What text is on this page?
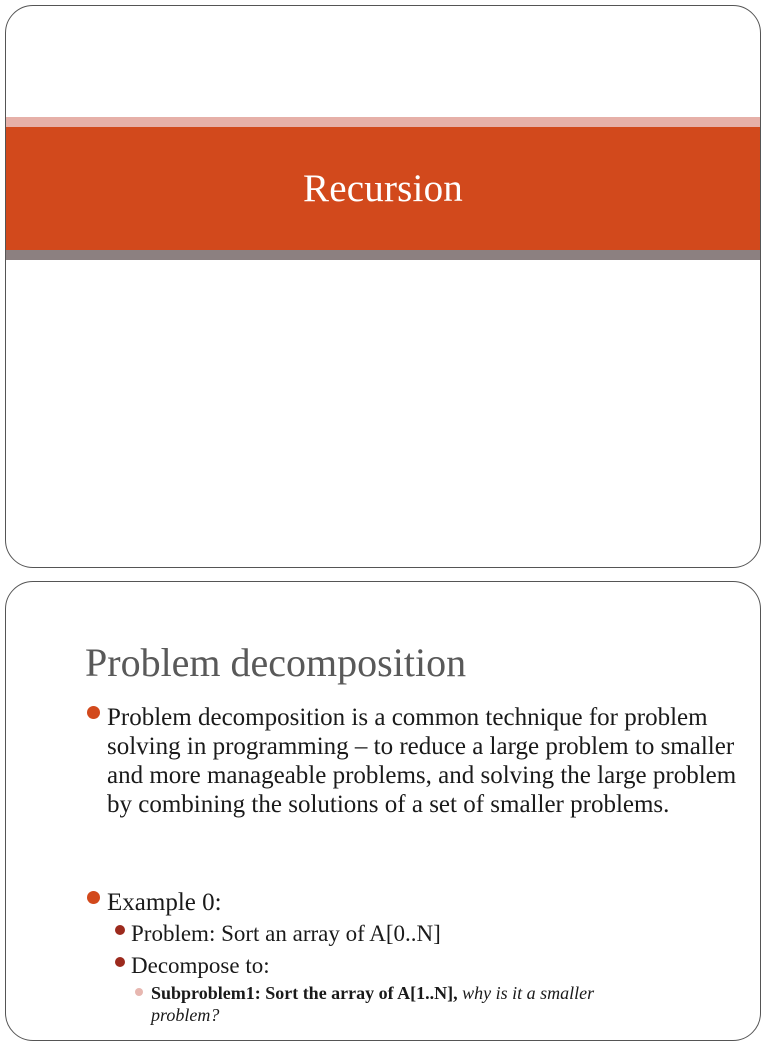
Recursion
Problem decomposition
Problem decomposition is a common technique for problem solving in programming – to reduce a large problem to smaller and more manageable problems, and solving the large problem by combining the solutions of a set of smaller problems.
Example 0:
Problem: Sort an array of A[0..N]
Decompose to:
Subproblem1: Sort the array of A[1..N], why is it a smaller problem?
